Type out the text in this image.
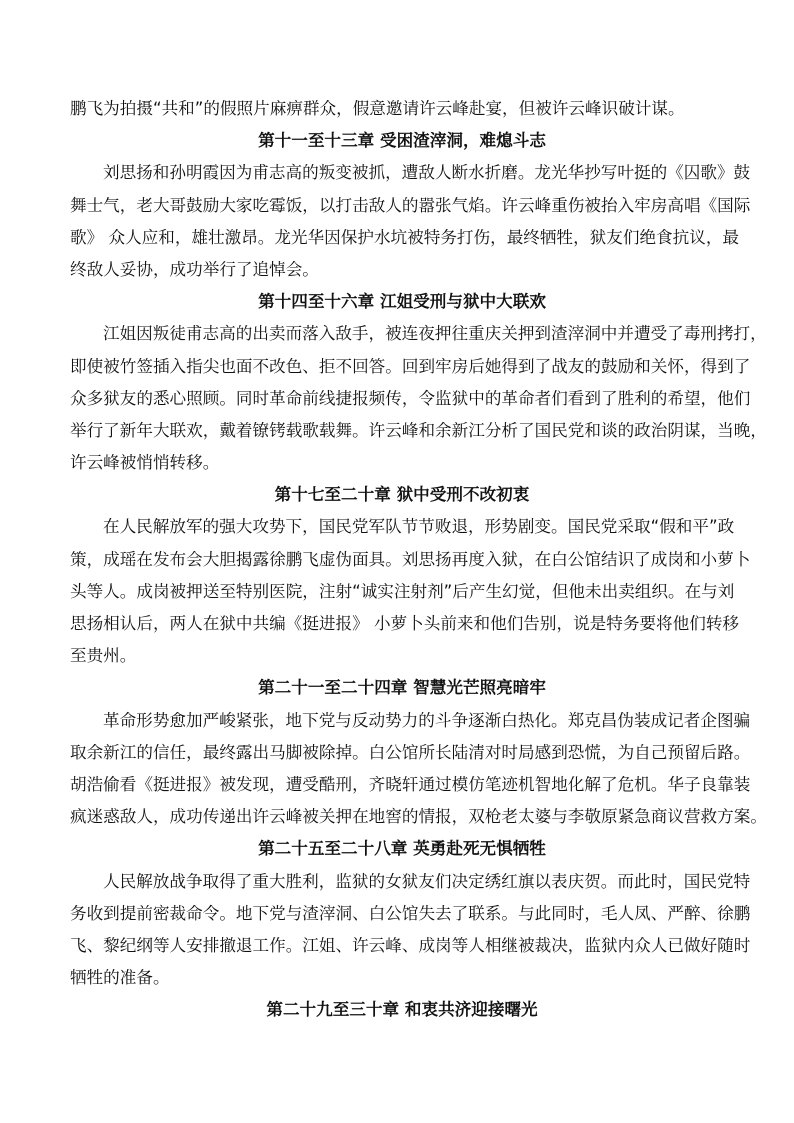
鹏飞为拍摄“共和”的假照片麻痹群众，假意邀请许云峰赴宴，但被许云峰识破计谋。
第十一至十三章 受困渣滓洞，难熄斗志
刘思扬和孙明霞因为甫志高的叛变被抓，遭敌人断水折磨。龙光华抄写叶挺的《囚歌》鼓
舞士气，老大哥鼓励大家吃霉饭，以打击敌人的嚣张气焰。许云峰重伤被抬入牢房高唱《国际
歌》 众人应和，雄壮激昂。龙光华因保护水坑被特务打伤，最终牺牲，狱友们绝食抗议，最
终敌人妥协，成功举行了追悼会。
第十四至十六章 江姐受刑与狱中大联欢
江姐因叛徒甫志高的出卖而落入敌手，被连夜押往重庆关押到渣滓洞中并遭受了毒刑拷打，
即使被竹签插入指尖也面不改色、拒不回答。回到牢房后她得到了战友的鼓励和关怀，得到了
众多狱友的悉心照顾。同时革命前线捷报频传，令监狱中的革命者们看到了胜利的希望，他们
举行了新年大联欢，戴着镣铐载歌载舞。许云峰和余新江分析了国民党和谈的政治阴谋，当晚，
许云峰被悄悄转移。
第十七至二十章 狱中受刑不改初衷
在人民解放军的强大攻势下，国民党军队节节败退，形势剧变。国民党采取“假和平”政
策，成瑶在发布会大胆揭露徐鹏飞虚伪面具。刘思扬再度入狱，在白公馆结识了成岗和小萝卜
头等人。成岗被押送至特别医院，注射“诚实注射剂”后产生幻觉，但他未出卖组织。在与刘
思扬相认后，两人在狱中共编《挺进报》 小萝卜头前来和他们告别，说是特务要将他们转移
至贵州。
第二十一至二十四章 智慧光芒照亮暗牢
革命形势愈加严峻紧张，地下党与反动势力的斗争逐渐白热化。郑克昌伪装成记者企图骗
取余新江的信任，最终露出马脚被除掉。白公馆所长陆清对时局感到恐慌，为自己预留后路。
胡浩偷看《挺进报》被发现，遭受酷刑，齐晓轩通过模仿笔迹机智地化解了危机。华子良靠装
疯迷惑敌人，成功传递出许云峰被关押在地窖的情报，双枪老太婆与李敬原紧急商议营救方案。
第二十五至二十八章 英勇赴死无惧牺牲
人民解放战争取得了重大胜利，监狱的女狱友们决定绣红旗以表庆贺。而此时，国民党特
务收到提前密裁命令。地下党与渣滓洞、白公馆失去了联系。与此同时，毛人凤、严醉、徐鹏
飞、黎纪纲等人安排撤退工作。江姐、许云峰、成岗等人相继被裁决，监狱内众人已做好随时
牺牲的准备。
第二十九至三十章 和衷共济迎接曙光
